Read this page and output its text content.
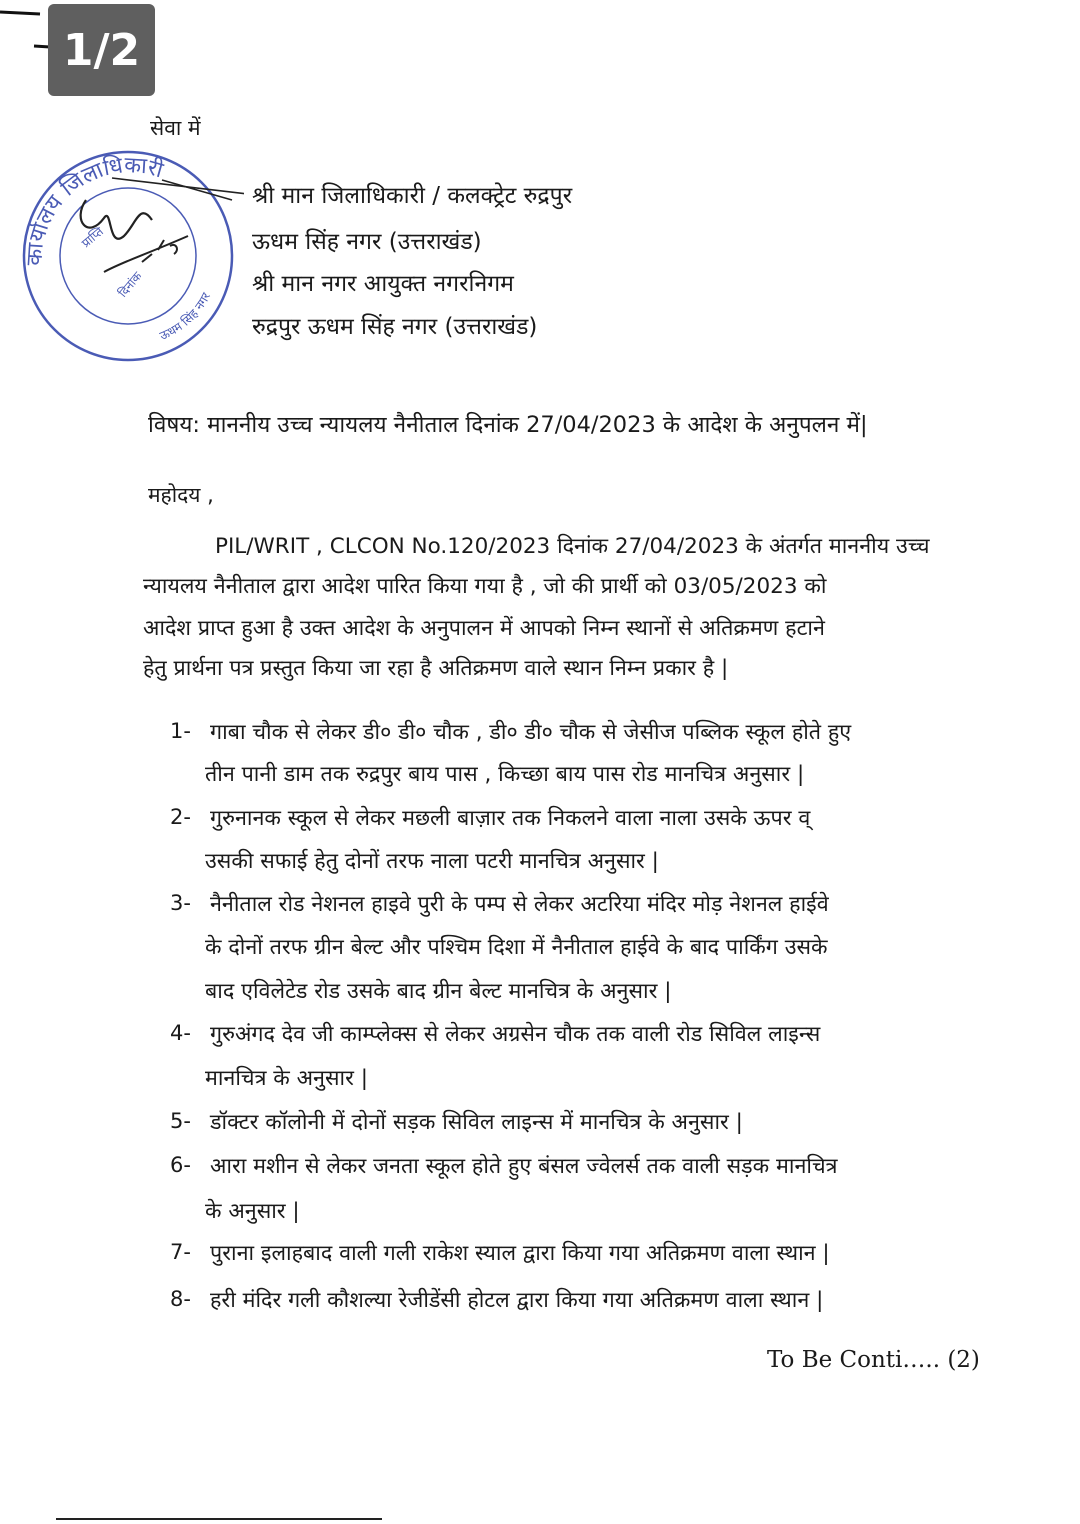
1/2
कार्यालय जिलाधिकारी
ऊधम सिंह नगर
प्राप्ति
दिनांक
सेवा में
श्री मान जिलाधिकारी / कलक्ट्रेट रुद्रपुर
ऊधम सिंह नगर (उत्तराखंड)
श्री मान नगर आयुक्त नगरनिगम
रुद्रपुर ऊधम सिंह नगर (उत्तराखंड)
विषय: माननीय उच्च न्यायलय नैनीताल दिनांक 27/04/2023 के आदेश के अनुपलन में|
महोदय ,
PIL/WRIT , CLCON No.120/2023 दिनांक 27/04/2023 के अंतर्गत माननीय उच्च
न्यायलय नैनीताल द्वारा आदेश पारित किया गया है , जो की प्रार्थी को 03/05/2023 को
आदेश प्राप्त हुआ है उक्त आदेश के अनुपालन में आपको निम्न स्थानों से अतिक्रमण हटाने
हेतु प्रार्थना पत्र प्रस्तुत किया जा रहा है अतिक्रमण वाले स्थान निम्न प्रकार है |
1- गाबा चौक से लेकर डी० डी० चौक , डी० डी० चौक से जेसीज पब्लिक स्कूल होते हुए
तीन पानी डाम तक रुद्रपुर बाय पास , किच्छा बाय पास रोड मानचित्र अनुसार |
2- गुरुनानक स्कूल से लेकर मछली बाज़ार तक निकलने वाला नाला उसके ऊपर व्
उसकी सफाई हेतु दोनों तरफ नाला पटरी मानचित्र अनुसार |
3- नैनीताल रोड नेशनल हाइवे पुरी के पम्प से लेकर अटरिया मंदिर मोड़ नेशनल हाईवे
के दोनों तरफ ग्रीन बेल्ट और पश्चिम दिशा में नैनीताल हाईवे के बाद पार्किंग उसके
बाद एविलेटेड रोड उसके बाद ग्रीन बेल्ट मानचित्र के अनुसार |
4- गुरुअंगद देव जी काम्प्लेक्स से लेकर अग्रसेन चौक तक वाली रोड सिविल लाइन्स
मानचित्र के अनुसार |
5- डॉक्टर कॉलोनी में दोनों सड़क सिविल लाइन्स में मानचित्र के अनुसार |
6- आरा मशीन से लेकर जनता स्कूल होते हुए बंसल ज्वेलर्स तक वाली सड़क मानचित्र
के अनुसार |
7- पुराना इलाहबाद वाली गली राकेश स्याल द्वारा किया गया अतिक्रमण वाला स्थान |
8- हरी मंदिर गली कौशल्या रेजीडेंसी होटल द्वारा किया गया अतिक्रमण वाला स्थान |
To Be Conti….. (2)
